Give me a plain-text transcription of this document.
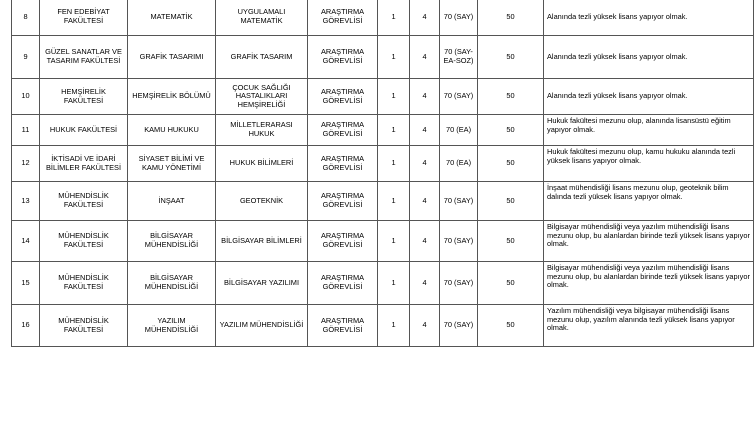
8	FEN EDEBİYAT FAKÜLTESİ	MATEMATİK	UYGULAMALI MATEMATİK	ARAŞTIRMA GÖREVLİSİ	1	4	70 (SAY)	50	Alanında tezli yüksek lisans yapıyor olmak.
9	GÜZEL SANATLAR VE TASARIM FAKÜLTESİ	GRAFİK TASARIMI	GRAFİK TASARIM	ARAŞTIRMA GÖREVLİSİ	1	4	70 (SAY-EA-SOZ)	50	Alanında tezli yüksek lisans yapıyor olmak.
10	HEMŞİRELİK FAKÜLTESİ	HEMŞİRELİK BÖLÜMÜ	ÇOCUK SAĞLIĞI HASTALIKLARI HEMŞİRELİĞİ	ARAŞTIRMA GÖREVLİSİ	1	4	70 (SAY)	50	Alanında tezli yüksek lisans yapıyor olmak.
11	HUKUK FAKÜLTESİ	KAMU HUKUKU	MİLLETLERARASI HUKUK	ARAŞTIRMA GÖREVLİSİ	1	4	70 (EA)	50	Hukuk fakültesi mezunu olup, alanında lisansüstü eğitim yapıyor olmak.
12	İKTİSADİ VE İDARİ BİLİMLER FAKÜLTESİ	SİYASET BİLİMİ VE KAMU YÖNETİMİ	HUKUK BİLİMLERİ	ARAŞTIRMA GÖREVLİSİ	1	4	70 (EA)	50	Hukuk fakültesi mezunu olup, kamu hukuku alanında tezli yüksek lisans yapıyor olmak.
13	MÜHENDİSLİK FAKÜLTESİ	İNŞAAT	GEOTEKNİK	ARAŞTIRMA GÖREVLİSİ	1	4	70 (SAY)	50	İnşaat mühendisliği lisans mezunu olup, geoteknik bilim dalında tezli yüksek lisans yapıyor olmak.
14	MÜHENDİSLİK FAKÜLTESİ	BİLGİSAYAR MÜHENDİSLİĞİ	BİLGİSAYAR BİLİMLERİ	ARAŞTIRMA GÖREVLİSİ	1	4	70 (SAY)	50	Bilgisayar mühendisliği veya yazılım mühendisliği lisans mezunu olup, bu alanlardan birinde tezli yüksek lisans yapıyor olmak.
15	MÜHENDİSLİK FAKÜLTESİ	BİLGİSAYAR MÜHENDİSLİĞİ	BİLGİSAYAR YAZILIMI	ARAŞTIRMA GÖREVLİSİ	1	4	70 (SAY)	50	Bilgisayar mühendisliği veya yazılım mühendisliği lisans mezunu olup, bu alanlardan birinde tezli yüksek lisans yapıyor olmak.
16	MÜHENDİSLİK FAKÜLTESİ	YAZILIM MÜHENDİSLİĞİ	YAZILIM MÜHENDİSLİĞİ	ARAŞTIRMA GÖREVLİSİ	1	4	70 (SAY)	50	Yazılım mühendisliği veya bilgisayar mühendisliği lisans mezunu olup, yazılım alanında tezli yüksek lisans yapıyor olmak.
